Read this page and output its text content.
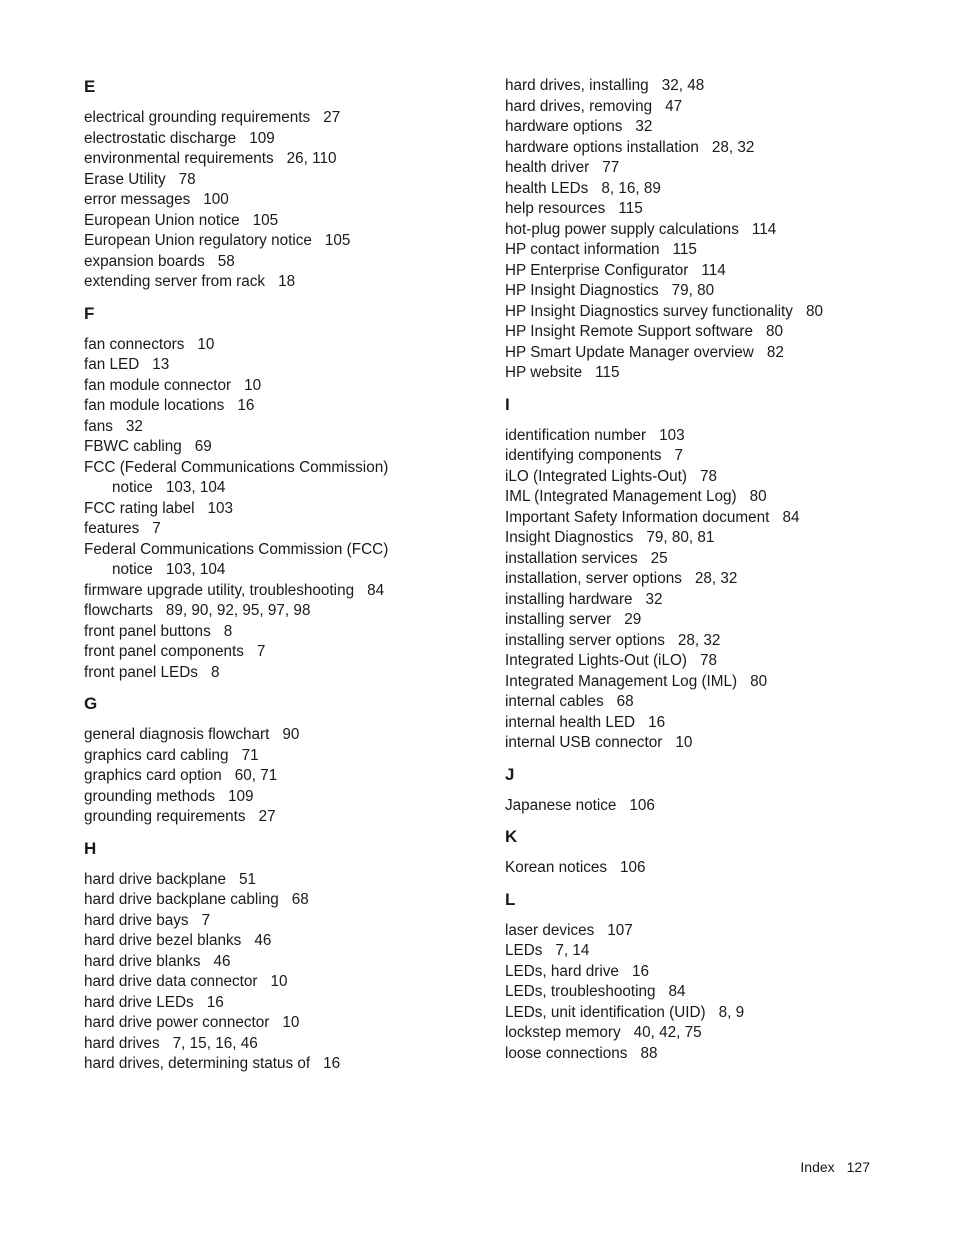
E
electrical grounding requirements 27
electrostatic discharge 109
environmental requirements 26, 110
Erase Utility 78
error messages 100
European Union notice 105
European Union regulatory notice 105
expansion boards 58
extending server from rack 18
F
fan connectors 10
fan LED 13
fan module connector 10
fan module locations 16
fans 32
FBWC cabling 69
FCC (Federal Communications Commission)
notice 103, 104
FCC rating label 103
features 7
Federal Communications Commission (FCC)
notice 103, 104
firmware upgrade utility, troubleshooting 84
flowcharts 89, 90, 92, 95, 97, 98
front panel buttons 8
front panel components 7
front panel LEDs 8
G
general diagnosis flowchart 90
graphics card cabling 71
graphics card option 60, 71
grounding methods 109
grounding requirements 27
H
hard drive backplane 51
hard drive backplane cabling 68
hard drive bays 7
hard drive bezel blanks 46
hard drive blanks 46
hard drive data connector 10
hard drive LEDs 16
hard drive power connector 10
hard drives 7, 15, 16, 46
hard drives, determining status of 16
hard drives, installing 32, 48
hard drives, removing 47
hardware options 32
hardware options installation 28, 32
health driver 77
health LEDs 8, 16, 89
help resources 115
hot-plug power supply calculations 114
HP contact information 115
HP Enterprise Configurator 114
HP Insight Diagnostics 79, 80
HP Insight Diagnostics survey functionality 80
HP Insight Remote Support software 80
HP Smart Update Manager overview 82
HP website 115
I
identification number 103
identifying components 7
iLO (Integrated Lights-Out) 78
IML (Integrated Management Log) 80
Important Safety Information document 84
Insight Diagnostics 79, 80, 81
installation services 25
installation, server options 28, 32
installing hardware 32
installing server 29
installing server options 28, 32
Integrated Lights-Out (iLO) 78
Integrated Management Log (IML) 80
internal cables 68
internal health LED 16
internal USB connector 10
J
Japanese notice 106
K
Korean notices 106
L
laser devices 107
LEDs 7, 14
LEDs, hard drive 16
LEDs, troubleshooting 84
LEDs, unit identification (UID) 8, 9
lockstep memory 40, 42, 75
loose connections 88
Index 127
